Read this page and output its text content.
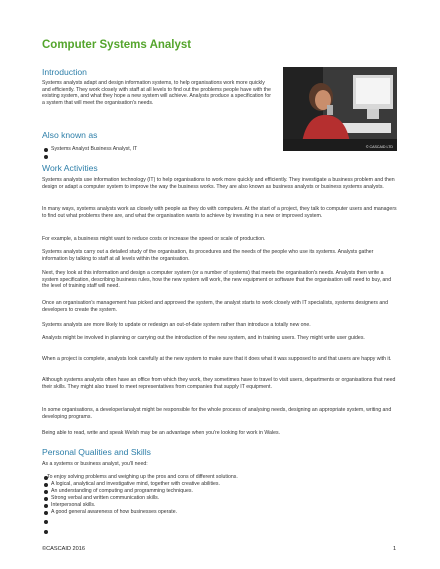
Computer Systems Analyst
Introduction

Systems analysts adapt and design information systems, to help organisations work more quickly and efficiently. They work closely with staff at all levels to find out the problems people have with the existing system, and what they hope a new system will achieve. Analysts produce a specification for a system that will meet the organisation's needs.

© CASCAID LTD
Also known as

Systems Analyst Business Analyst, IT

Work Activities

Systems analysts use information technology (IT) to help organisations to work more quickly and efficiently. They investigate a business problem and then design or adapt a computer system to improve the way the business works. They are also known as business analysts or business systems analysts.

In many ways, systems analysts work as closely with people as they do with computers. At the start of a project, they talk to computer users and managers to find out what problems there are, and what the organisation wants to achieve by investing in a new or improved system.

For example, a business might want to reduce costs or increase the speed or scale of production.

Systems analysts carry out a detailed study of the organisation, its procedures and the needs of the people who use its systems. Analysts gather information by talking to staff at all levels within the organisation.

Next, they look at this information and design a computer system (or a number of systems) that meets the organisation's needs. Analysts then write a system specification, describing business rules, how the new system will work, the new equipment or software that the organisation will need to buy, and the level of training staff will need.

Once an organisation's management has picked and approved the system, the analyst starts to work closely with IT specialists, systems designers and developers to create the system.

Systems analysts are more likely to update or redesign an out-of-date system rather than introduce a totally new one.

Analysts might be involved in planning or carrying out the introduction of the new system, and in training users. They might write user guides.

When a project is complete, analysts look carefully at the new system to make sure that it does what it was supposed to and that users are happy with it.

Although systems analysts often have an office from which they work, they sometimes have to travel to visit users, departments or organisations that need their skills. They might also travel to meet representatives from companies that supply IT equipment.

In some organisations, a developer/analyst might be responsible for the whole process of analysing needs, designing an appropriate system, writing and developing programs.

Being able to read, write and speak Welsh may be an advantage when you're looking for work in Wales.

Personal Qualities and Skills

As a systems or business analyst, you'll need:

To enjoy solving problems and weighing up the pros and cons of different solutions.

A logical, analytical and investigative mind, together with creative abilities.

An understanding of computing and programming techniques.

Strong verbal and written communication skills.

Interpersonal skills.

A good general awareness of how businesses operate.

©CASCAID 2016	1
